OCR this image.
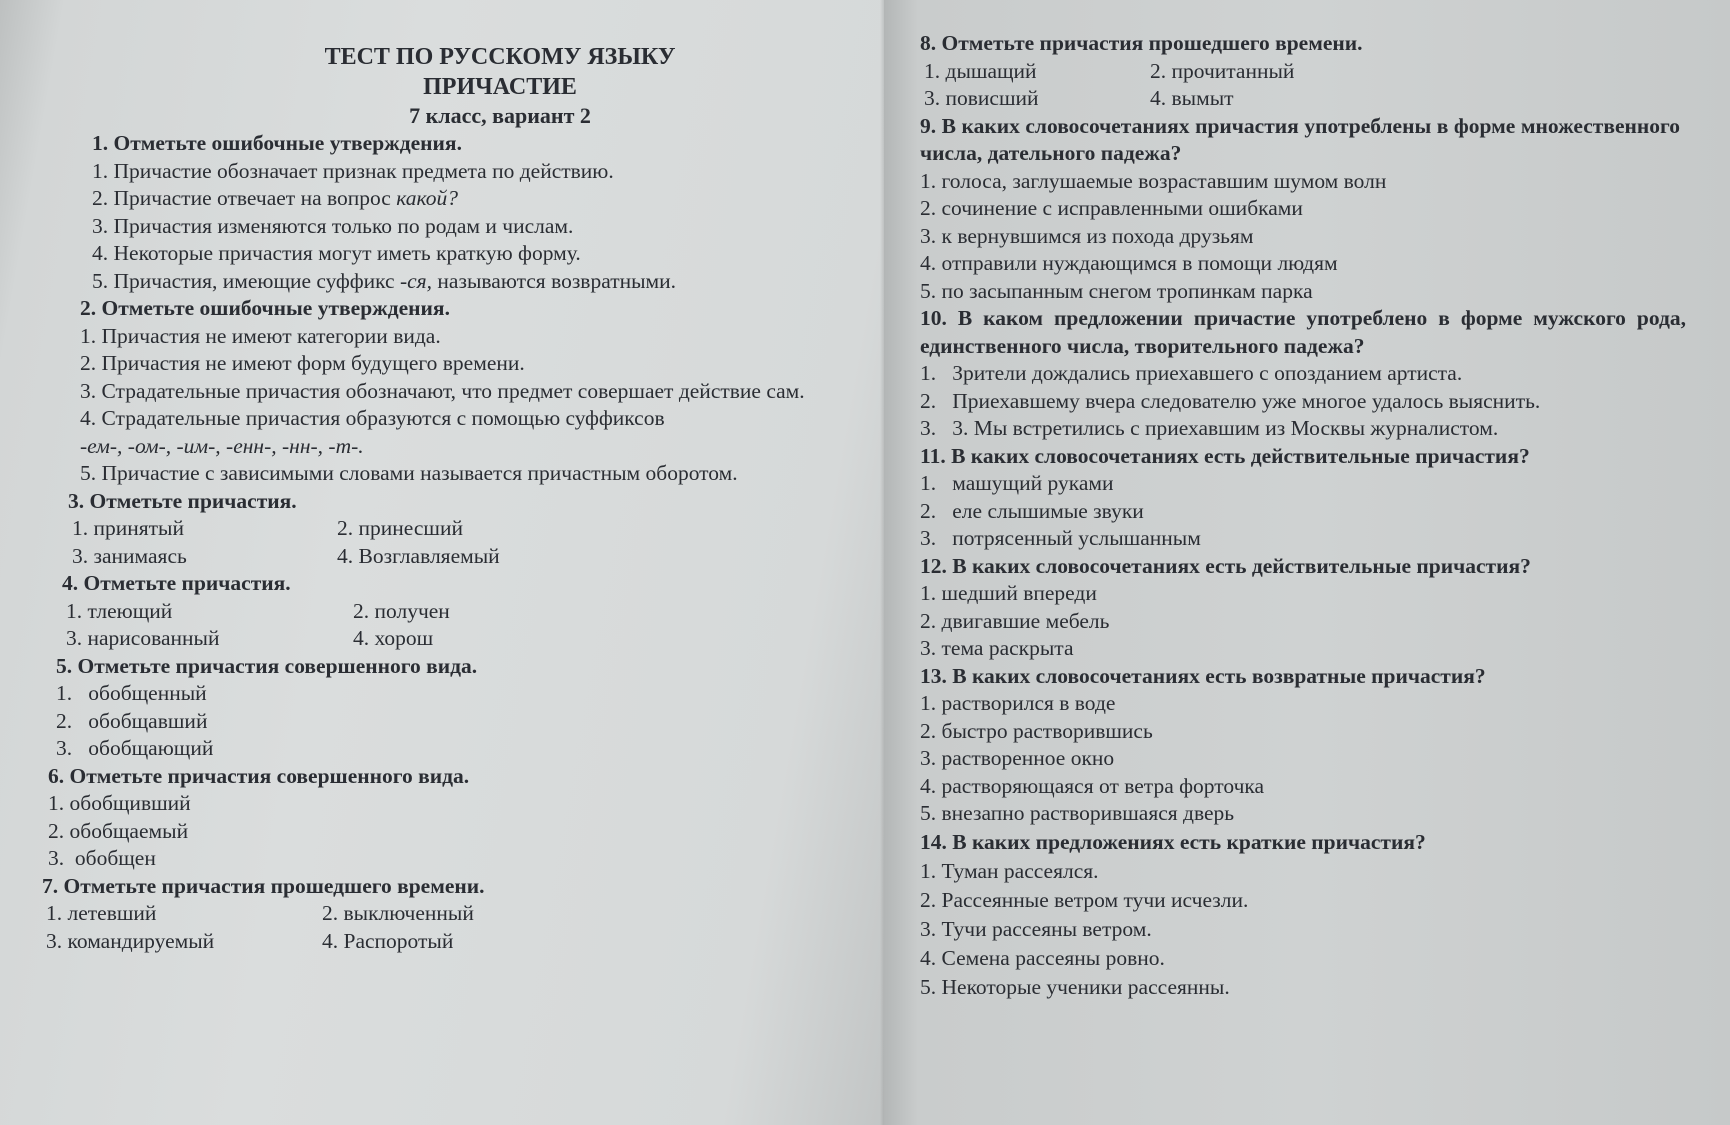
ТЕСТ ПО РУССКОМУ ЯЗЫКУ
ПРИЧАСТИЕ
7 класс, вариант 2
1. Отметьте ошибочные утверждения.
1. Причастие обозначает признак предмета по действию.
2. Причастие отвечает на вопрос какой?
3. Причастия изменяются только по родам и числам.
4. Некоторые причастия могут иметь краткую форму.
5. Причастия, имеющие суффикс -ся, называются возвратными.
2. Отметьте ошибочные утверждения.
1. Причастия не имеют категории вида.
2. Причастия не имеют форм будущего времени.
3. Страдательные причастия обозначают, что предмет совершает действие сам.
4. Страдательные причастия образуются с помощью суффиксов
-ем-, -ом-, -им-, -енн-, -нн-, -т-.
5. Причастие с зависимыми словами называется причастным оборотом.
3. Отметьте причастия.
1. принятый	2. принесший
3. занимаясь	4. Возглавляемый
4. Отметьте причастия.
1. тлеющий	2. получен
3. нарисованный	4. хорош
5. Отметьте причастия совершенного вида.
1.   обобщенный
2.   обобщавший
3.   обобщающий
6. Отметьте причастия совершенного вида.
1. обобщивший
2. обобщаемый
3.  обобщен
7. Отметьте причастия прошедшего времени.
1. летевший	2. выключенный
3. командируемый	4. Распоротый
8. Отметьте причастия прошедшего времени.
1. дышащий	2. прочитанный
3. повисший	4. вымыт
9. В каких словосочетаниях причастия употреблены в форме множественного числа, дательного падежа?
1. голоса, заглушаемые возраставшим шумом волн
2. сочинение с исправленными ошибками
3. к вернувшимся из похода друзьям
4. отправили нуждающимся в помощи людям
5. по засыпанным снегом тропинкам парка
10. В каком предложении причастие употреблено в форме мужского рода, единственного числа, творительного падежа?
1.   Зрители дождались приехавшего с опозданием артиста.
2.   Приехавшему вчера следователю уже многое удалось выяснить.
3.   3. Мы встретились с приехавшим из Москвы журналистом.
11. В каких словосочетаниях есть действительные причастия?
1.   машущий руками
2.   еле слышимые звуки
3.   потрясенный услышанным
12. В каких словосочетаниях есть действительные причастия?
1. шедший впереди
2. двигавшие мебель
3. тема раскрыта
13. В каких словосочетаниях есть возвратные причастия?
1. растворился в воде
2. быстро растворившись
3. растворенное окно
4. растворяющаяся от ветра форточка
5. внезапно растворившаяся дверь
14. В каких предложениях есть краткие причастия?
1. Туман рассеялся.
2. Рассеянные ветром тучи исчезли.
3. Тучи рассеяны ветром.
4. Семена рассеяны ровно.
5. Некоторые ученики рассеянны.
